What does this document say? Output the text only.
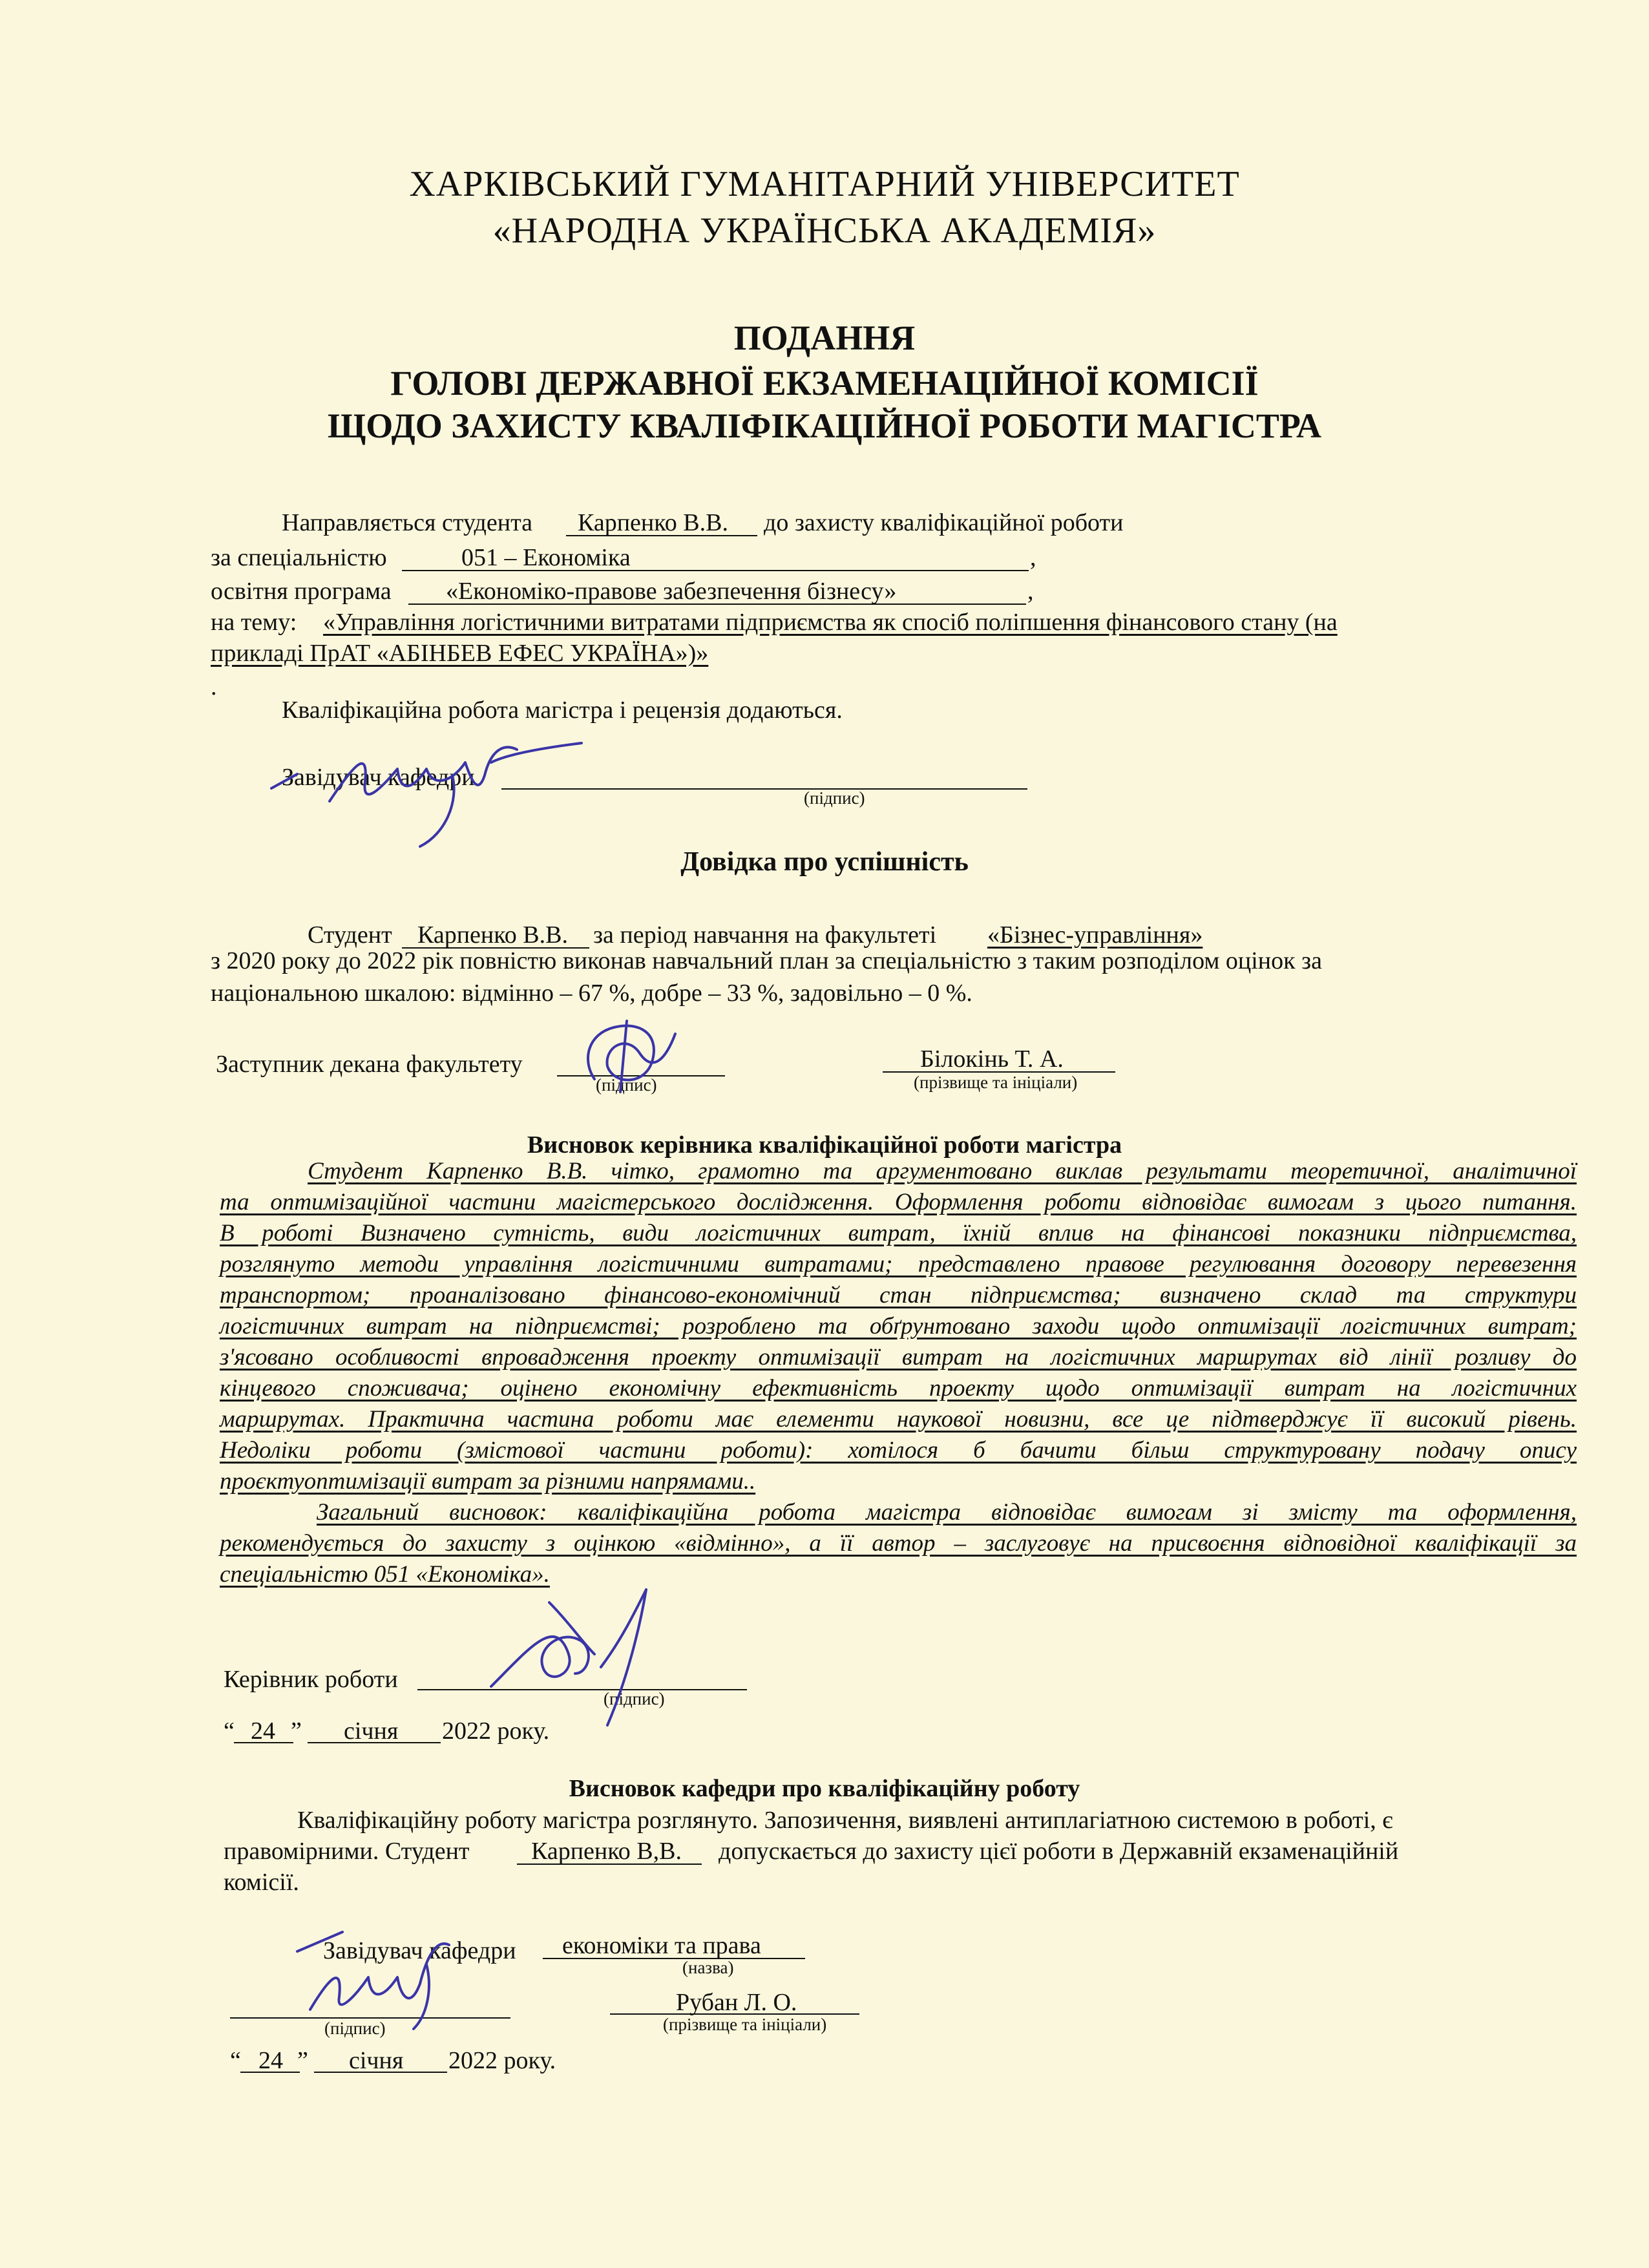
ХАРКІВСЬКИЙ ГУМАНІТАРНИЙ УНІВЕРСИТЕТ
«НАРОДНА УКРАЇНСЬКА АКАДЕМІЯ»
ПОДАННЯ
ГОЛОВІ ДЕРЖАВНОЇ ЕКЗАМЕНАЦІЙНОЇ КОМІСІЇ
ЩОДО ЗАХИСТУ КВАЛІФІКАЦІЙНОЇ РОБОТИ МАГІСТРА
Направляється студента Карпенко В.В. до захисту кваліфікаційної роботи
за спеціальністю	051 – Економіка	,
освітня програма «Економіко-правове забезпечення бізнесу»	,
на тему: «Управління логістичними витратами підприємства як спосіб поліпшення фінансового стану (на
прикладі ПрАТ «АБІНБЕВ ЕФЕС УКРАЇНА»)»
.
Кваліфікаційна робота магістра і рецензія додаються.
Завідувач кафедри
(підпис)
Довідка про успішність
Студент Карпенко В.В. за період навчання на факультеті «Бізнес-управління»
з 2020 року до 2022 рік повністю виконав навчальний план за спеціальністю з таким розподілом оцінок за
національною шкалою: відмінно – 67 %, добре – 33 %, задовільно – 0 %.
Заступник декана факультету
(підпис)
Білокінь Т. А.
(прізвище та ініціали)
Висновок керівника кваліфікаційної роботи магістра
Студент Карпенко В.В. чітко, грамотно та аргументовано виклав результати теоретичної, аналітичної
та оптимізаційної частини магістерського дослідження. Оформлення роботи відповідає вимогам з цього питання.
В роботі Визначено сутність, види логістичних витрат, їхній вплив на фінансові показники підприємства,
розглянуто методи управління логістичними витратами; представлено правове регулювання договору перевезення
транспортом; проаналізовано фінансово-економічний стан підприємства; визначено склад та структури
логістичних витрат на підприємстві; розроблено та обґрунтовано заходи щодо оптимізації логістичних витрат;
з'ясовано особливості впровадження проекту оптимізації витрат на логістичних маршрутах від лінії розливу до
кінцевого споживача; оцінено економічну ефективність проекту щодо оптимізації витрат на логістичних
маршрутах. Практична частина роботи має елементи наукової новизни, все це підтверджує її високий рівень.
Недоліки роботи (змістової частини роботи): хотілося б бачити більш структуровану подачу опису
проєктуоптимізації витрат за різними напрямами..
Загальний висновок: кваліфікаційна робота магістра відповідає вимогам зі змісту та оформлення,
рекомендується до захисту з оцінкою «відмінно», а її автор – заслуговує на присвоєння відповідної кваліфікації за
спеціальністю 051 «Економіка».
Керівник роботи
(підпис)
“ 24 ” січня 2022 року.
Висновок кафедри про кваліфікаційну роботу
Кваліфікаційну роботу магістра розглянуто. Запозичення, виявлені антиплагіатною системою в роботі, є
правомірними. Студент	Карпенко В,В. допускається до захисту цієї роботи в Державній екзаменаційній
комісії.
Завідувач кафедри економіки та права
(назва)
(підпис)
Рубан Л. О.
(прізвище та ініціали)
“ 24 ” січня 2022 року.
